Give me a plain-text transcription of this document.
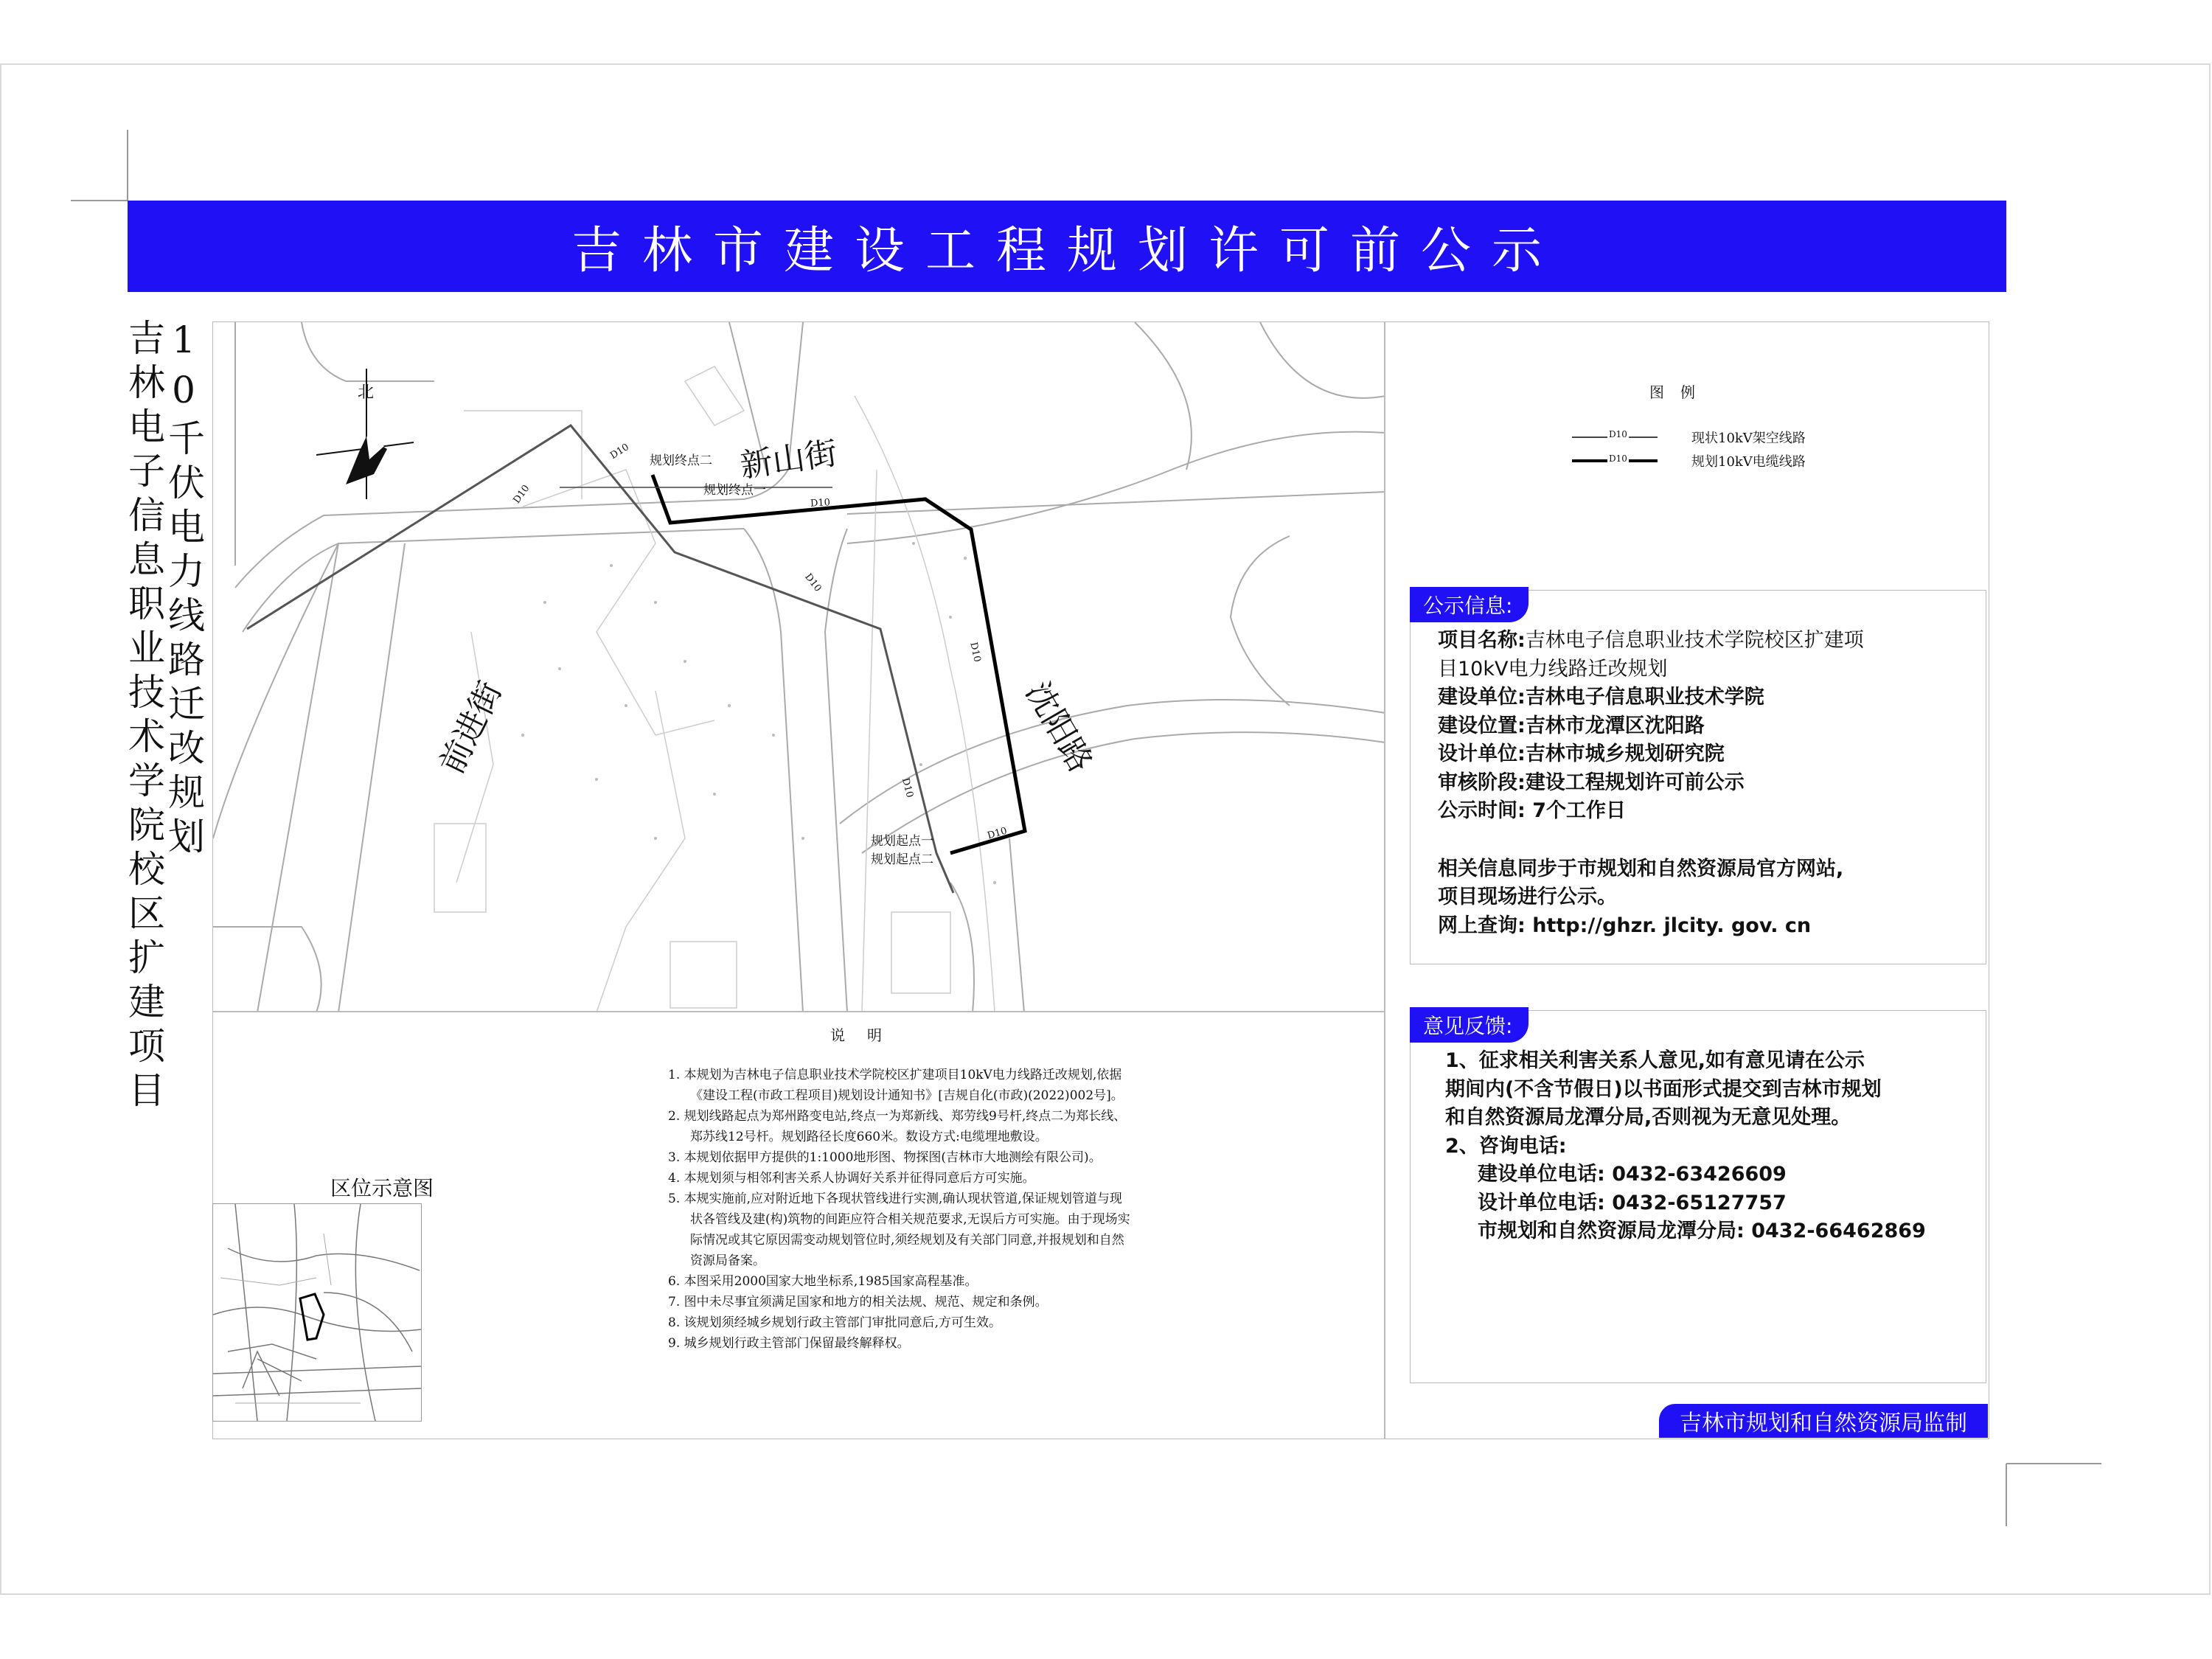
吉林市建设工程规划许可前公示
吉林电子信息职业技术学院校区扩建项目
10千伏电力线路迁改规划	北
新山街
沈阳路
前进街
规划终点二
规划终点一
规划起点一
规划起点二
D10
D10	D10
D10
D10
D10
D10
说明
1. 本规划为吉林电子信息职业技术学院校区扩建项目10kV电力线路迁改规划,依据《建设工程(市政工程项目)规划设计通知书》[吉规自化(市政)(2022)002号]。
2. 规划线路起点为郑州路变电站,终点一为郑新线、郑劳线9号杆,终点二为郑长线、郑苏线12号杆。规划路径长度660米。数设方式:电缆埋地敷设。
3. 本规划依据甲方提供的1:1000地形图、物探图(吉林市大地测绘有限公司)。
4. 本规划须与相邻利害关系人协调好关系并征得同意后方可实施。
5. 本规实施前,应对附近地下各现状管线进行实测,确认现状管道,保证规划管道与现状各管线及建(构)筑物的间距应符合相关规范要求,无误后方可实施。由于现场实际情况或其它原因需变动规划管位时,须经规划及有关部门同意,并报规划和自然资源局备案。
6. 本图采用2000国家大地坐标系,1985国家高程基准。
7. 图中未尽事宜须满足国家和地方的相关法规、规范、规定和条例。
8. 该规划须经城乡规划行政主管部门审批同意后,方可生效。
9. 城乡规划行政主管部门保留最终解释权。
区位示意图
图例
D10	现状10kV架空线路
D10	规划10kV电缆线路
公示信息:
项目名称:吉林电子信息职业技术学院校区扩建项
目10kV电力线路迁改规划
建设单位:吉林电子信息职业技术学院
建设位置:吉林市龙潭区沈阳路
设计单位:吉林市城乡规划研究院
审核阶段:建设工程规划许可前公示
公示时间: 7个工作日
相关信息同步于市规划和自然资源局官方网站,
项目现场进行公示。
网上查询: http://ghzr. jlcity. gov. cn
意见反馈:
1、征求相关利害关系人意见,如有意见请在公示
期间内(不含节假日)以书面形式提交到吉林市规划
和自然资源局龙潭分局,否则视为无意见处理。
2、咨询电话:
建设单位电话: 0432-63426609
设计单位电话: 0432-65127757
市规划和自然资源局龙潭分局: 0432-66462869
吉林市规划和自然资源局监制
